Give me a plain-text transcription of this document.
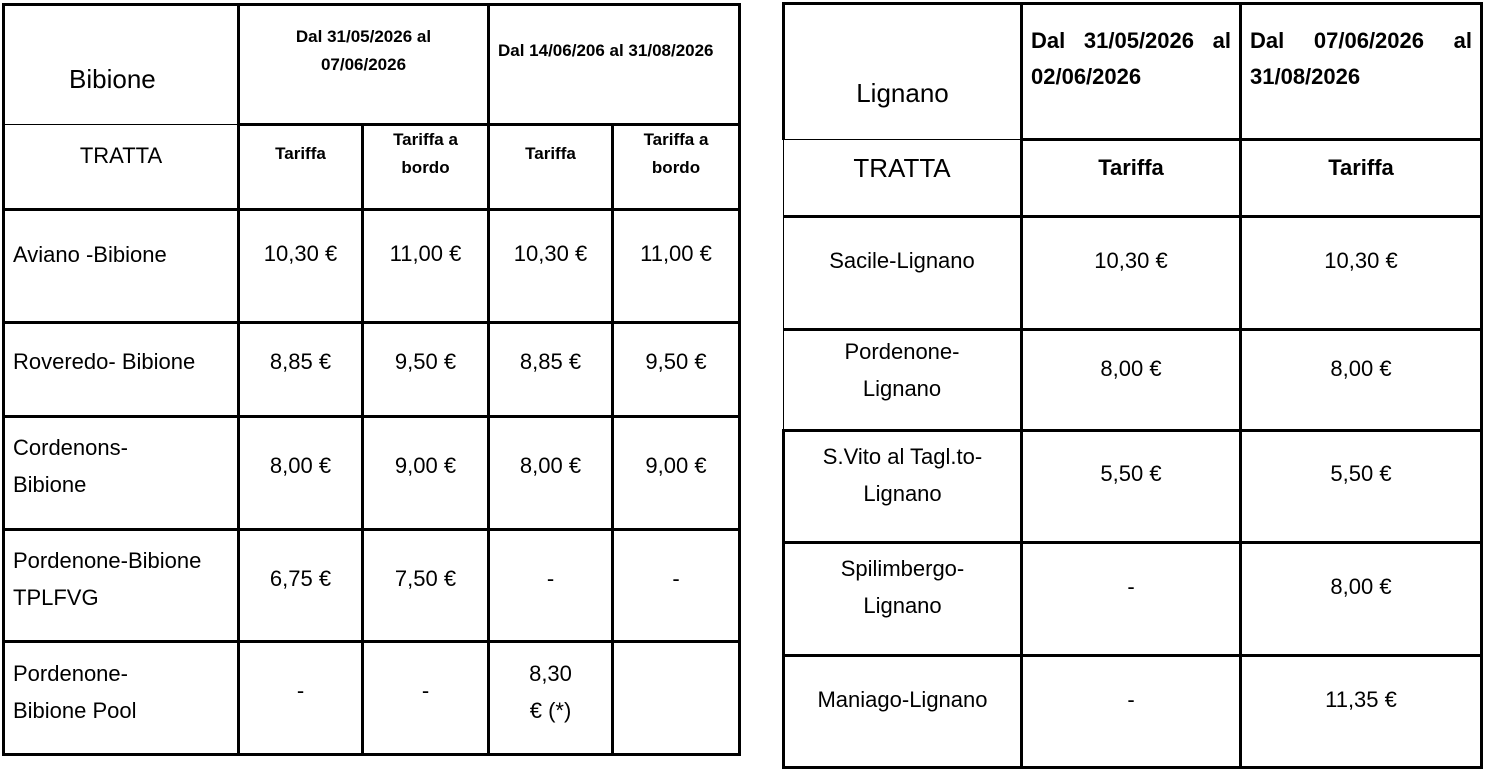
Bibione	Dal 31/05/2026 al 07/06/2026		Dal 14/06/206 al 31/08/2026	
TRATTA	Tariffa	Tariffa a bordo	Tariffa	Tariffa a bordo
Aviano -Bibione	10,30 €	11,00 €	10,30 €	11,00 €
Roveredo- Bibione	8,85 €	9,50 €	8,85 €	9,50 €
Cordenons-Bibione	8,00 €	9,00 €	8,00 €	9,00 €
Pordenone-Bibione TPLFVG	6,75 €	7,50 €	-	-
Pordenone-Bibione Pool	-	-	8,30 € (*)	
Lignano	Dal 31/05/2026 al 02/06/2026	Dal 07/06/2026 al 31/08/2026
TRATTA	Tariffa	Tariffa
Sacile-Lignano	10,30 €	10,30 €
Pordenone-Lignano	8,00 €	8,00 €
S.Vito al Tagl.to-Lignano	5,50 €	5,50 €
Spilimbergo-Lignano	-	8,00 €
Maniago-Lignano	-	11,35 €
